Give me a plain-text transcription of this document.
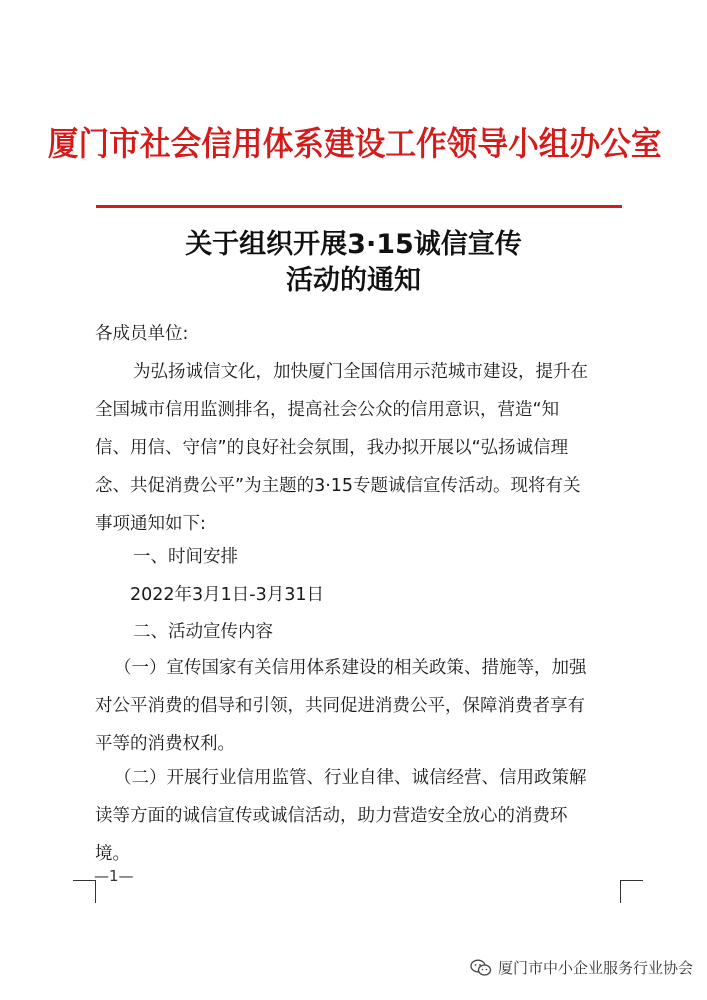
厦门市社会信用体系建设工作领导小组办公室
关于组织开展3·15诚信宣传
活动的通知
各成员单位:
为弘扬诚信文化，加快厦门全国信用示范城市建设，提升在
全国城市信用监测排名，提高社会公众的信用意识，营造“知
信、用信、守信”的良好社会氛围，我办拟开展以“弘扬诚信理
念、共促消费公平”为主题的3·15专题诚信宣传活动。现将有关
事项通知如下:
一、时间安排
2022年3月1日-3月31日
二、活动宣传内容
（一）宣传国家有关信用体系建设的相关政策、措施等，加强
对公平消费的倡导和引领，共同促进消费公平，保障消费者享有
平等的消费权利。
（二）开展行业信用监管、行业自律、诚信经营、信用政策解
读等方面的诚信宣传或诚信活动，助力营造安全放心的消费环
境。
—1—
厦门市中小企业服务行业协会
